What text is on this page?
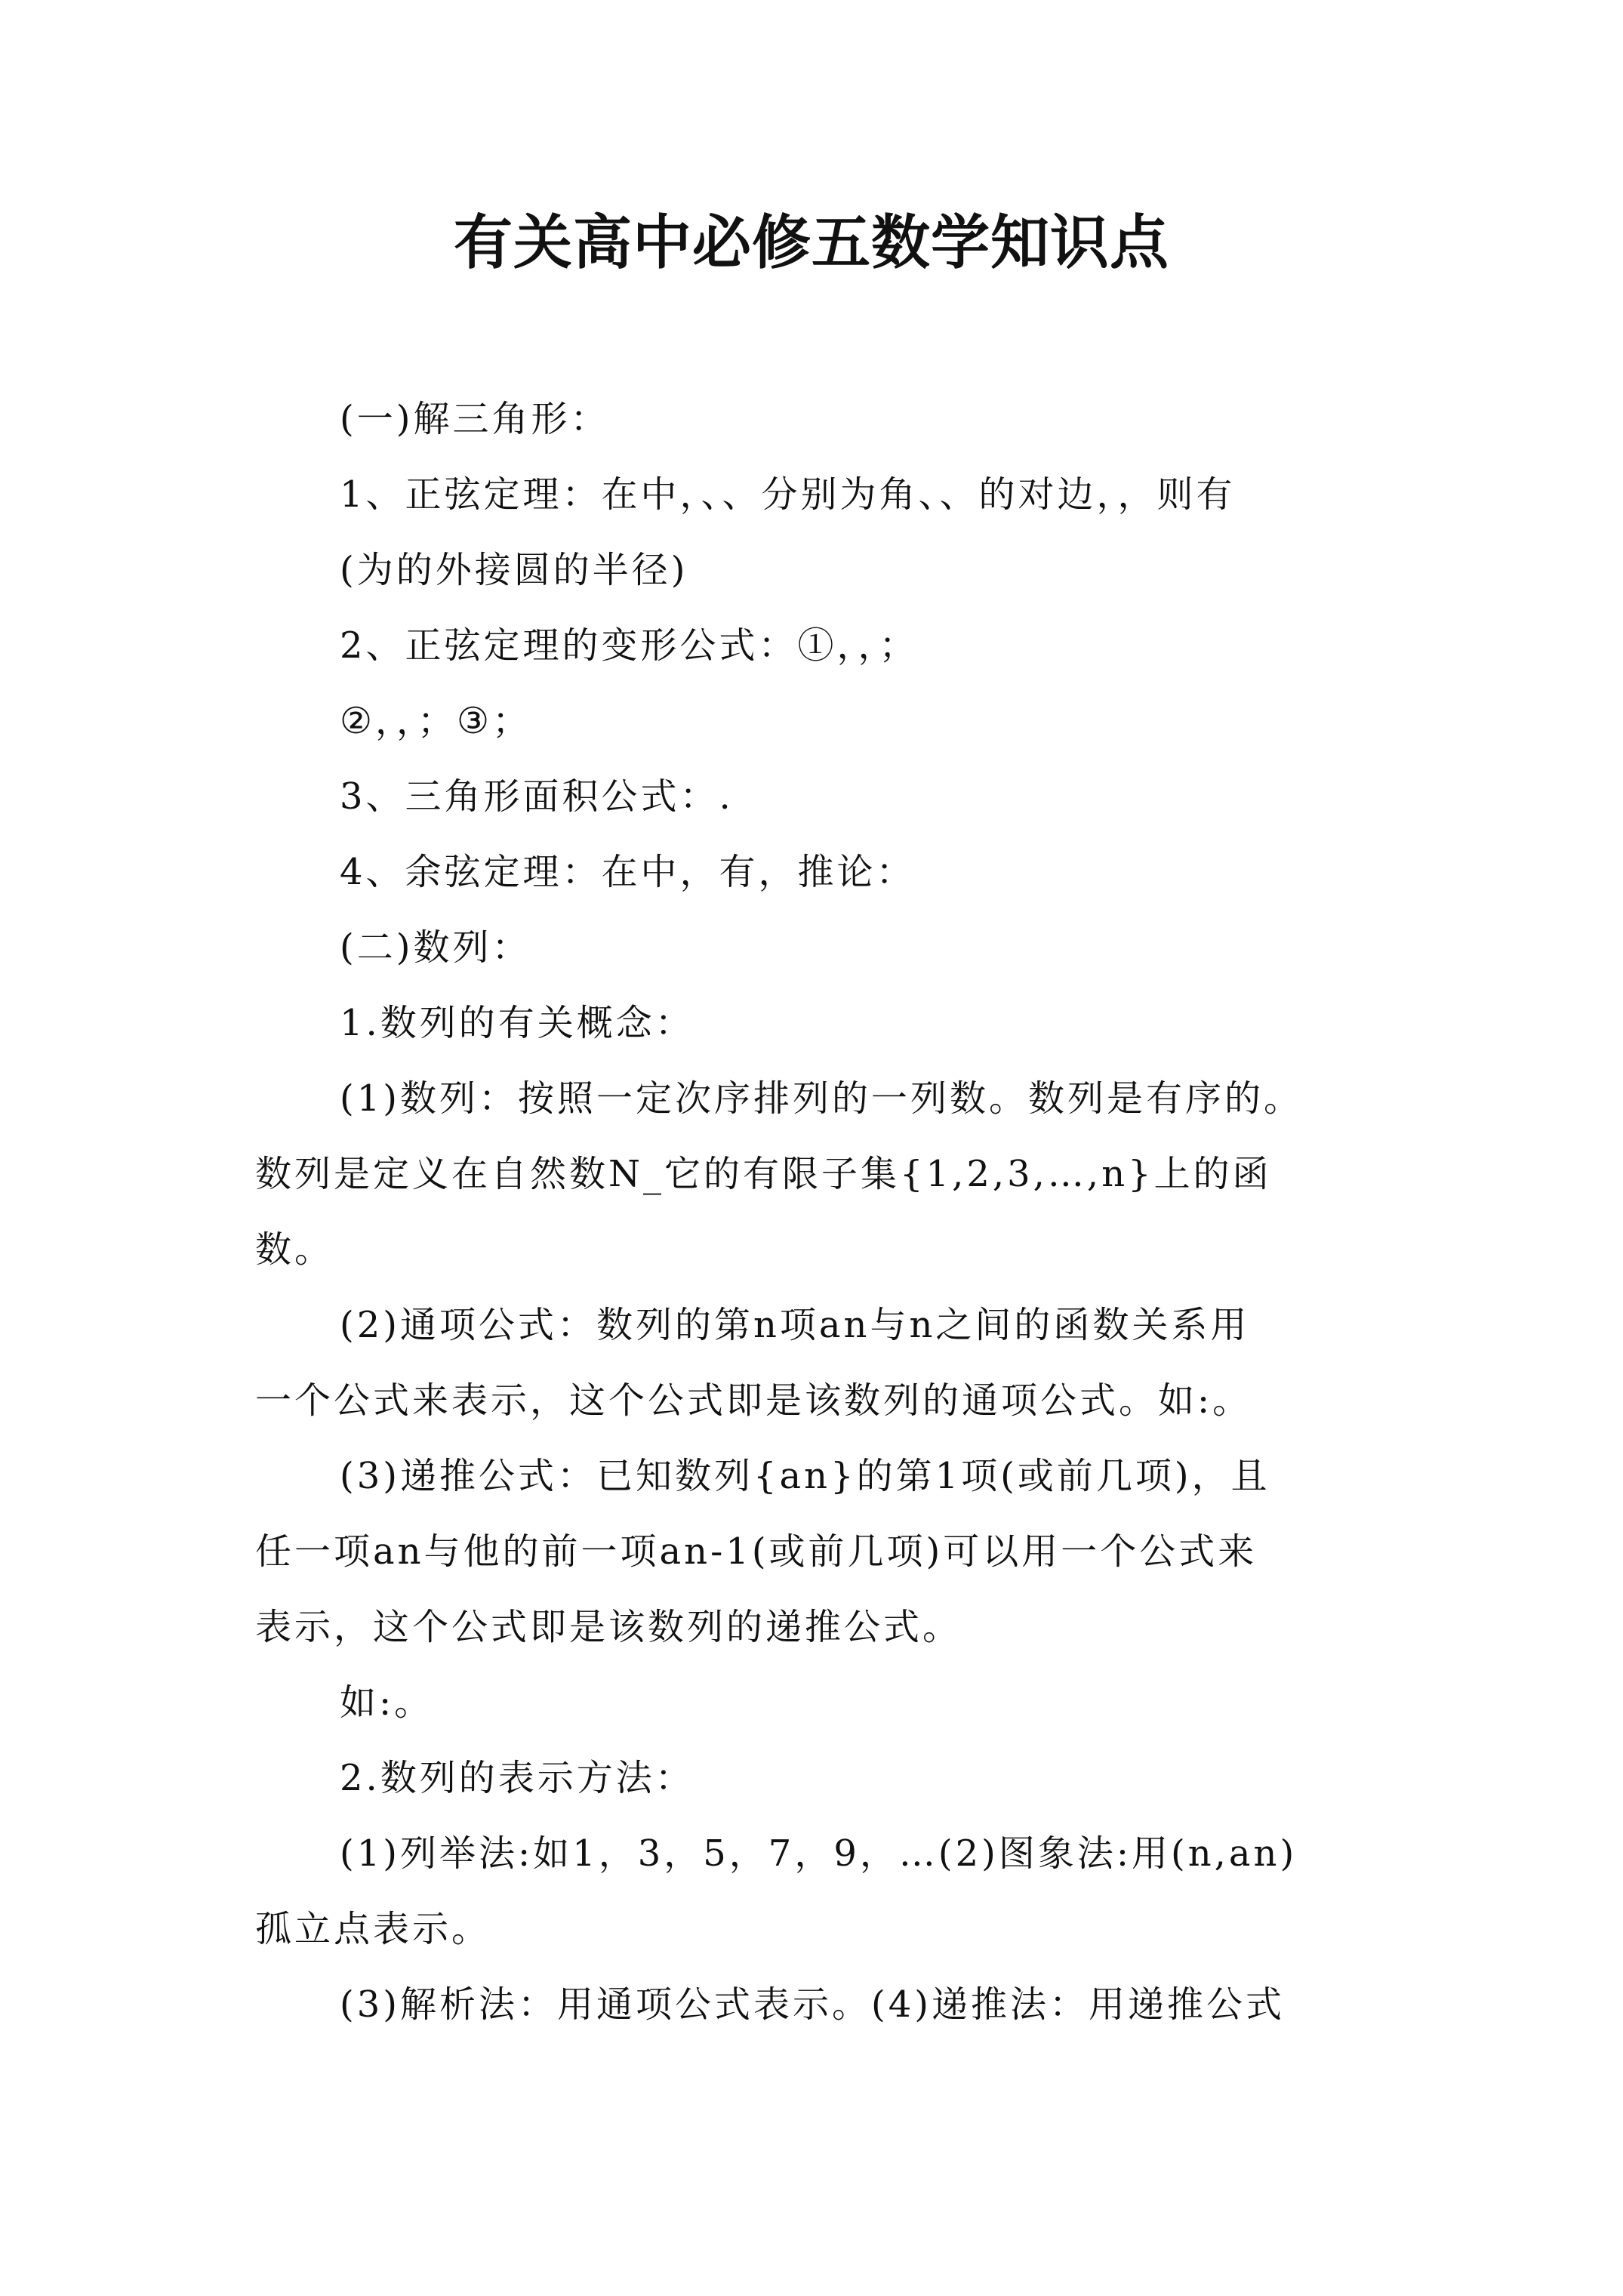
有关高中必修五数学知识点

(一)解三角形：

1、正弦定理：在中，、、分别为角、、的对边，，则有

(为的外接圆的半径)

2、正弦定理的变形公式：①，，；

②，，；③；

3、三角形面积公式：.

4、余弦定理：在中，有，推论：

(二)数列：

1.数列的有关概念：

(1)数列：按照一定次序排列的一列数。数列是有序的。

数列是定义在自然数N_它的有限子集{1,2,3,…,n}上的函

数。

(2)通项公式：数列的第n项an与n之间的函数关系用

一个公式来表示，这个公式即是该数列的通项公式。如:。

(3)递推公式：已知数列{an}的第1项(或前几项)，且

任一项an与他的前一项an-1(或前几项)可以用一个公式来

表示，这个公式即是该数列的递推公式。

如:。

2.数列的表示方法：

(1)列举法:如1，3，5，7，9，…(2)图象法:用(n,an)

孤立点表示。

(3)解析法：用通项公式表示。(4)递推法：用递推公式
